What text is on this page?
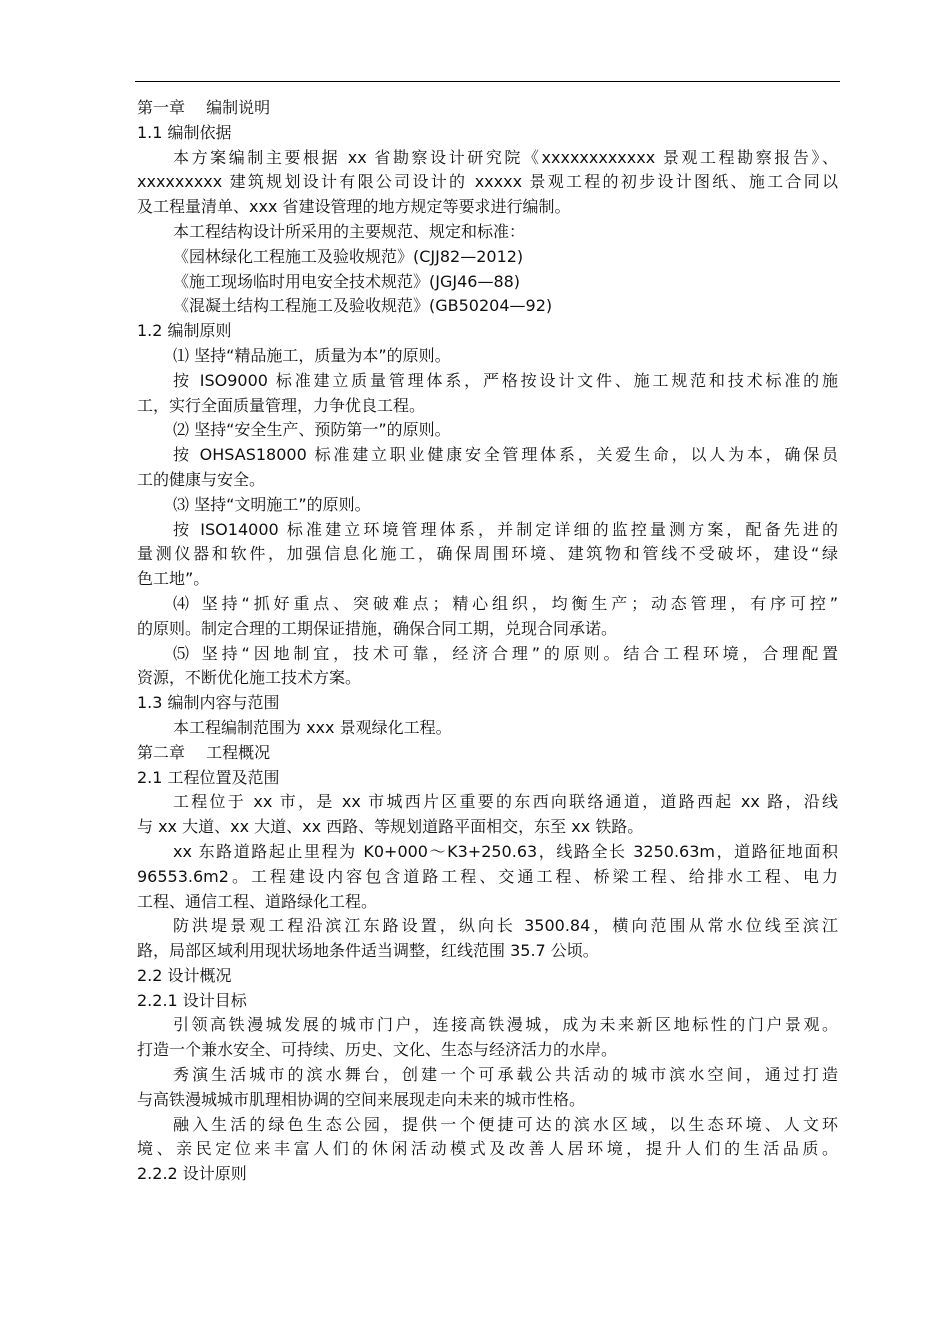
第一章　 编制说明
1.1 编制依据
本方案编制主要根据 xx 省勘察设计研究院《xxxxxxxxxxxx 景观工程勘察报告》、
xxxxxxxxx 建筑规划设计有限公司设计的 xxxxx 景观工程的初步设计图纸、施工合同以
及工程量清单、xxx 省建设管理的地方规定等要求进行编制。
本工程结构设计所采用的主要规范、规定和标准：
《园林绿化工程施工及验收规范》(CJJ82—2012)
《施工现场临时用电安全技术规范》(JGJ46—88)
《混凝土结构工程施工及验收规范》(GB50204—92)
1.2 编制原则
⑴ 坚持“精品施工，质量为本”的原则。
按 ISO9000 标准建立质量管理体系，严格按设计文件、施工规范和技术标准的施
工，实行全面质量管理，力争优良工程。
⑵ 坚持“安全生产、预防第一”的原则。
按 OHSAS18000 标准建立职业健康安全管理体系，关爱生命，以人为本，确保员
工的健康与安全。
⑶ 坚持“文明施工”的原则。
按 ISO14000 标准建立环境管理体系，并制定详细的监控量测方案，配备先进的
量测仪器和软件，加强信息化施工，确保周围环境、建筑物和管线不受破坏，建设“绿
色工地”。
⑷ 坚持“抓好重点、突破难点；精心组织，均衡生产；动态管理，有序可控”
的原则。制定合理的工期保证措施，确保合同工期，兑现合同承诺。
⑸ 坚持“因地制宜，技术可靠，经济合理”的原则。结合工程环境，合理配置
资源，不断优化施工技术方案。
1.3 编制内容与范围
本工程编制范围为 xxx 景观绿化工程。
第二章　 工程概况
2.1 工程位置及范围
工程位于 xx 市，是 xx 市城西片区重要的东西向联络通道，道路西起 xx 路，沿线
与 xx 大道、xx 大道、xx 西路、等规划道路平面相交，东至 xx 铁路。
xx 东路道路起止里程为 K0+000～K3+250.63，线路全长 3250.63m，道路征地面积
96553.6m2。工程建设内容包含道路工程、交通工程、桥梁工程、给排水工程、电力
工程、通信工程、道路绿化工程。
防洪堤景观工程沿滨江东路设置，纵向长 3500.84，横向范围从常水位线至滨江
路，局部区域利用现状场地条件适当调整，红线范围 35.7 公顷。
2.2 设计概况
2.2.1 设计目标
引领高铁漫城发展的城市门户，连接高铁漫城，成为未来新区地标性的门户景观。
打造一个兼水安全、可持续、历史、文化、生态与经济活力的水岸。
秀演生活城市的滨水舞台，创建一个可承载公共活动的城市滨水空间，通过打造
与高铁漫城城市肌理相协调的空间来展现走向未来的城市性格。
融入生活的绿色生态公园，提供一个便捷可达的滨水区域，以生态环境、人文环
境、亲民定位来丰富人们的休闲活动模式及改善人居环境，提升人们的生活品质。
2.2.2 设计原则
